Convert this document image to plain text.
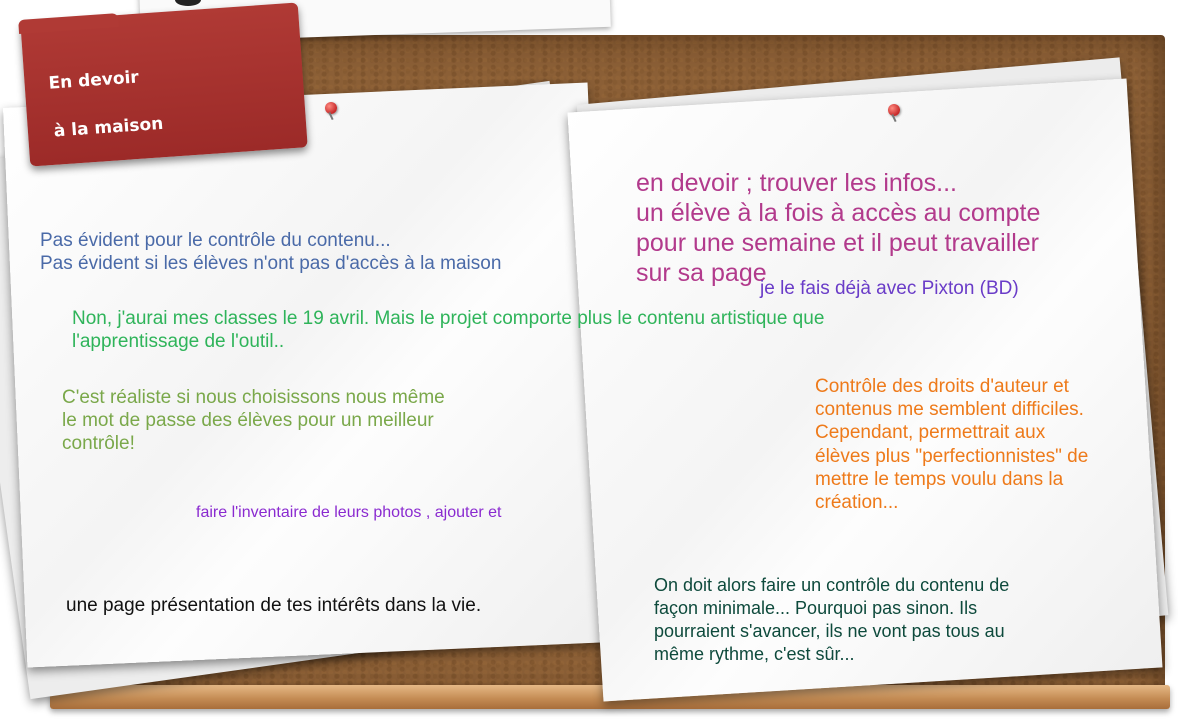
En devoir

à la maison

Pas évident pour le contrôle du contenu...
Pas évident si les élèves n'ont pas d'accès à la maison
en devoir ; trouver les infos...
un élève à la fois à accès au compte
pour une semaine et il peut travailler
sur sa page
je le fais déjà avec Pixton (BD)
Non, j'aurai mes classes le 19 avril. Mais le projet comporte plus le contenu artistique que
l'apprentissage de l'outil..
C'est réaliste si nous choisissons nous même
le mot de passe des élèves pour un meilleur
contrôle!
Contrôle des droits d'auteur et
contenus me semblent difficiles.
Cependant, permettrait aux
élèves plus "perfectionnistes" de
mettre le temps voulu dans la
création...
faire l'inventaire de leurs photos , ajouter et
une page présentation de tes intérêts dans la vie.
On doit alors faire un contrôle du contenu de
façon minimale... Pourquoi pas sinon. Ils
pourraient s'avancer, ils ne vont pas tous au
même rythme, c'est sûr...
